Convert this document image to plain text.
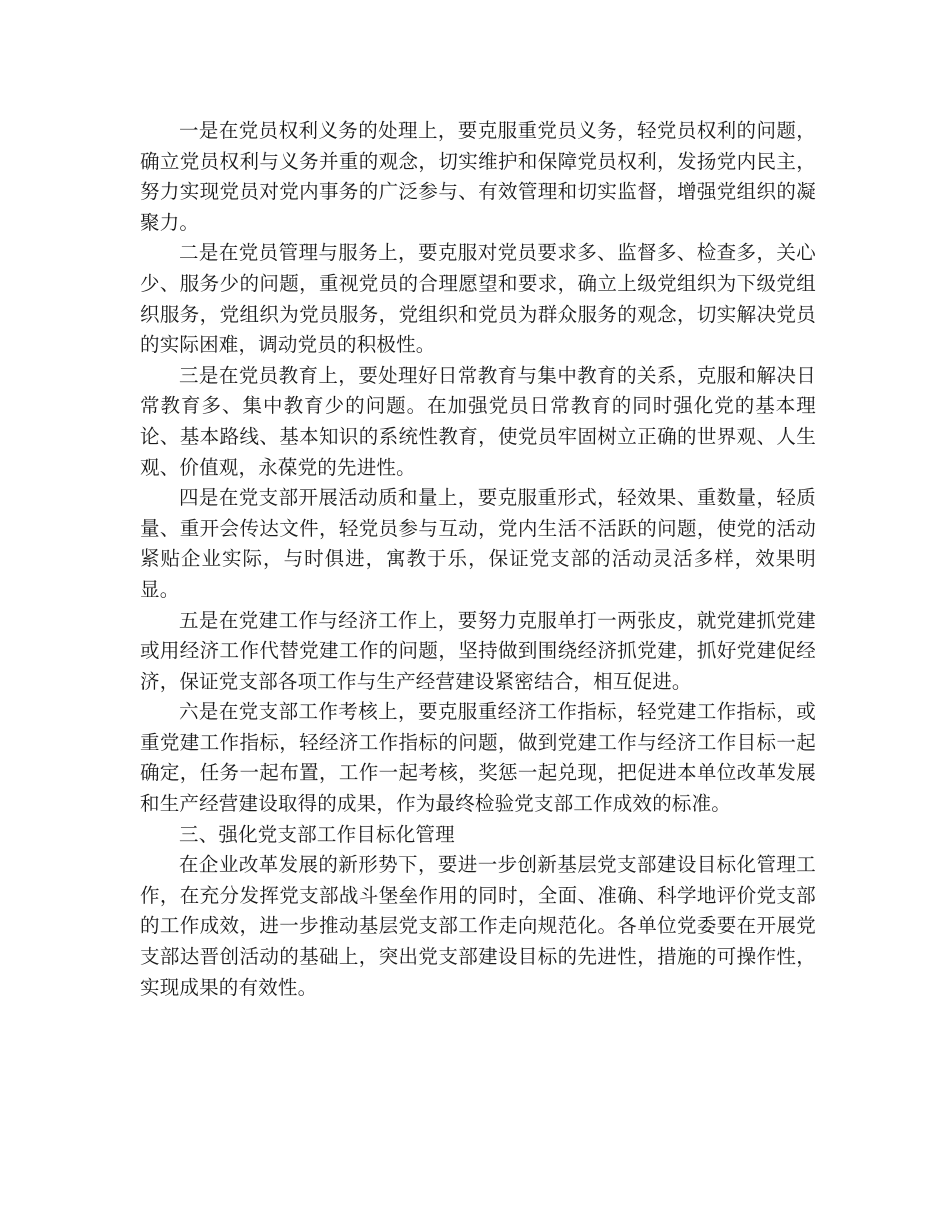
一是在党员权利义务的处理上，要克服重党员义务，轻党员权利的问题，确立党员权利与义务并重的观念，切实维护和保障党员权利，发扬党内民主，努力实现党员对党内事务的广泛参与、有效管理和切实监督，增强党组织的凝聚力。

二是在党员管理与服务上，要克服对党员要求多、监督多、检查多，关心少、服务少的问题，重视党员的合理愿望和要求，确立上级党组织为下级党组织服务，党组织为党员服务，党组织和党员为群众服务的观念，切实解决党员的实际困难，调动党员的积极性。

三是在党员教育上，要处理好日常教育与集中教育的关系，克服和解决日常教育多、集中教育少的问题。在加强党员日常教育的同时强化党的基本理论、基本路线、基本知识的系统性教育，使党员牢固树立正确的世界观、人生观、价值观，永葆党的先进性。

四是在党支部开展活动质和量上，要克服重形式，轻效果、重数量，轻质量、重开会传达文件，轻党员参与互动，党内生活不活跃的问题，使党的活动紧贴企业实际，与时俱进，寓教于乐，保证党支部的活动灵活多样，效果明显。

五是在党建工作与经济工作上，要努力克服单打一两张皮，就党建抓党建或用经济工作代替党建工作的问题，坚持做到围绕经济抓党建，抓好党建促经济，保证党支部各项工作与生产经营建设紧密结合，相互促进。

六是在党支部工作考核上，要克服重经济工作指标，轻党建工作指标，或重党建工作指标，轻经济工作指标的问题，做到党建工作与经济工作目标一起确定，任务一起布置，工作一起考核，奖惩一起兑现，把促进本单位改革发展和生产经营建设取得的成果，作为最终检验党支部工作成效的标准。

三、强化党支部工作目标化管理

在企业改革发展的新形势下，要进一步创新基层党支部建设目标化管理工作，在充分发挥党支部战斗堡垒作用的同时，全面、准确、科学地评价党支部的工作成效，进一步推动基层党支部工作走向规范化。各单位党委要在开展党支部达晋创活动的基础上，突出党支部建设目标的先进性，措施的可操作性，实现成果的有效性。
